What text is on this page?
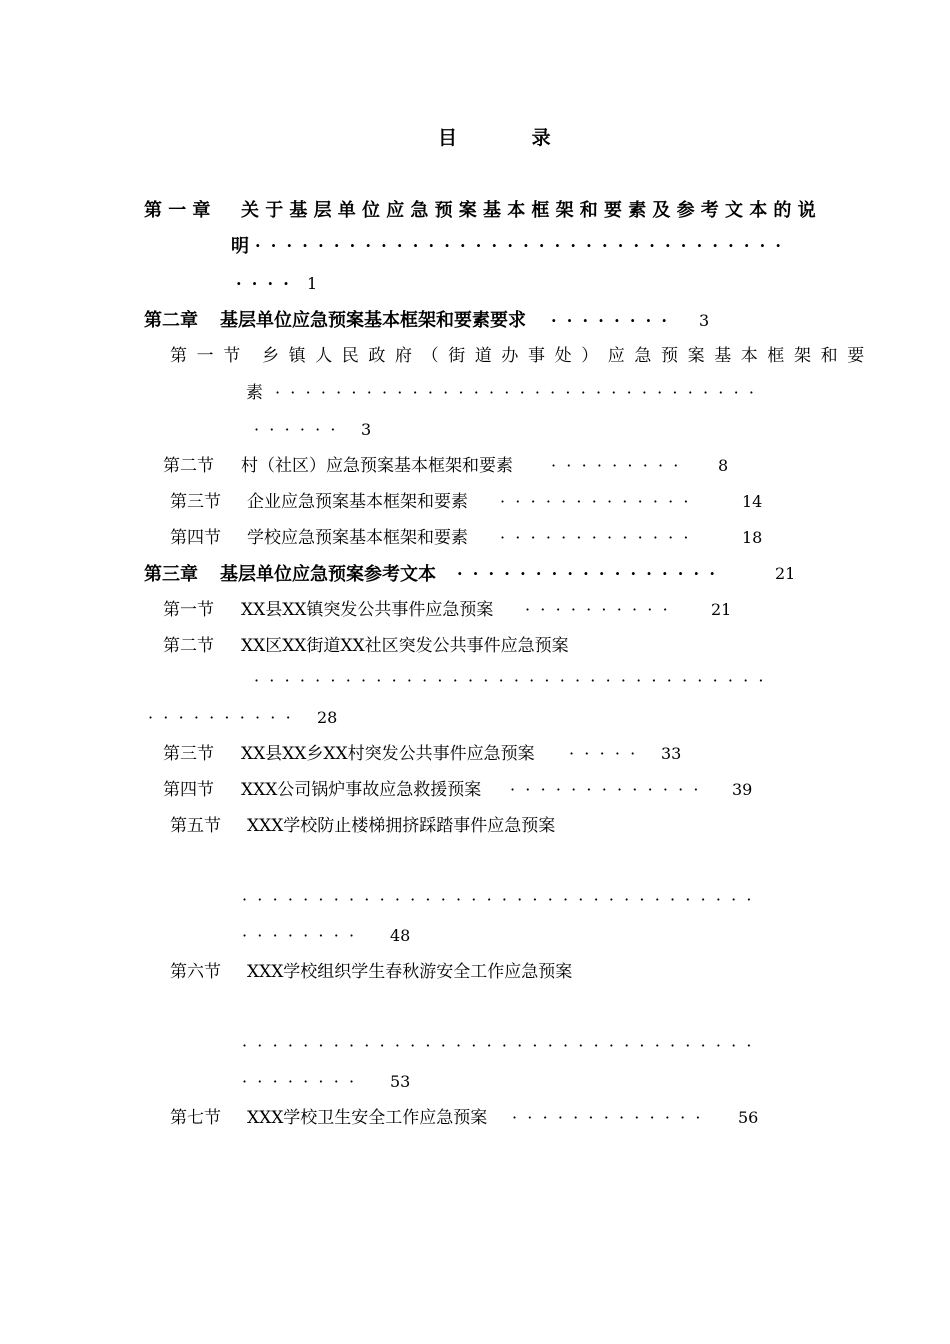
目 录
第一章 关于基层单位应急预案基本框架和要素及参考文本的说
明 ··································
···· 1
第二章 基层单位应急预案基本框架和要素要求 ········ 3
第一节 乡镇人民政府（街道办事处）应急预案基本框架和要
素 ································
······ 3
第二节 村（社区）应急预案基本框架和要素 ········· 8
第三节 企业应急预案基本框架和要素 ·············	14
第四节 学校应急预案基本框架和要素 ·············	18
第三章 基层单位应急预案参考文本 ·················	21
第一节 XX县XX镇突发公共事件应急预案 ·········· 21
第二节 XX区XX街道XX社区突发公共事件应急预案
··································
·········· 28
第三节 XX县XX乡XX村突发公共事件应急预案 ····· 33
第四节 XXX公司锅炉事故应急救援预案 ············· 39
第五节 XXX学校防止楼梯拥挤踩踏事件应急预案
··································
········ 48
第六节 XXX学校组织学生春秋游安全工作应急预案
··································
········ 53
第七节 XXX学校卫生安全工作应急预案 ············· 56
